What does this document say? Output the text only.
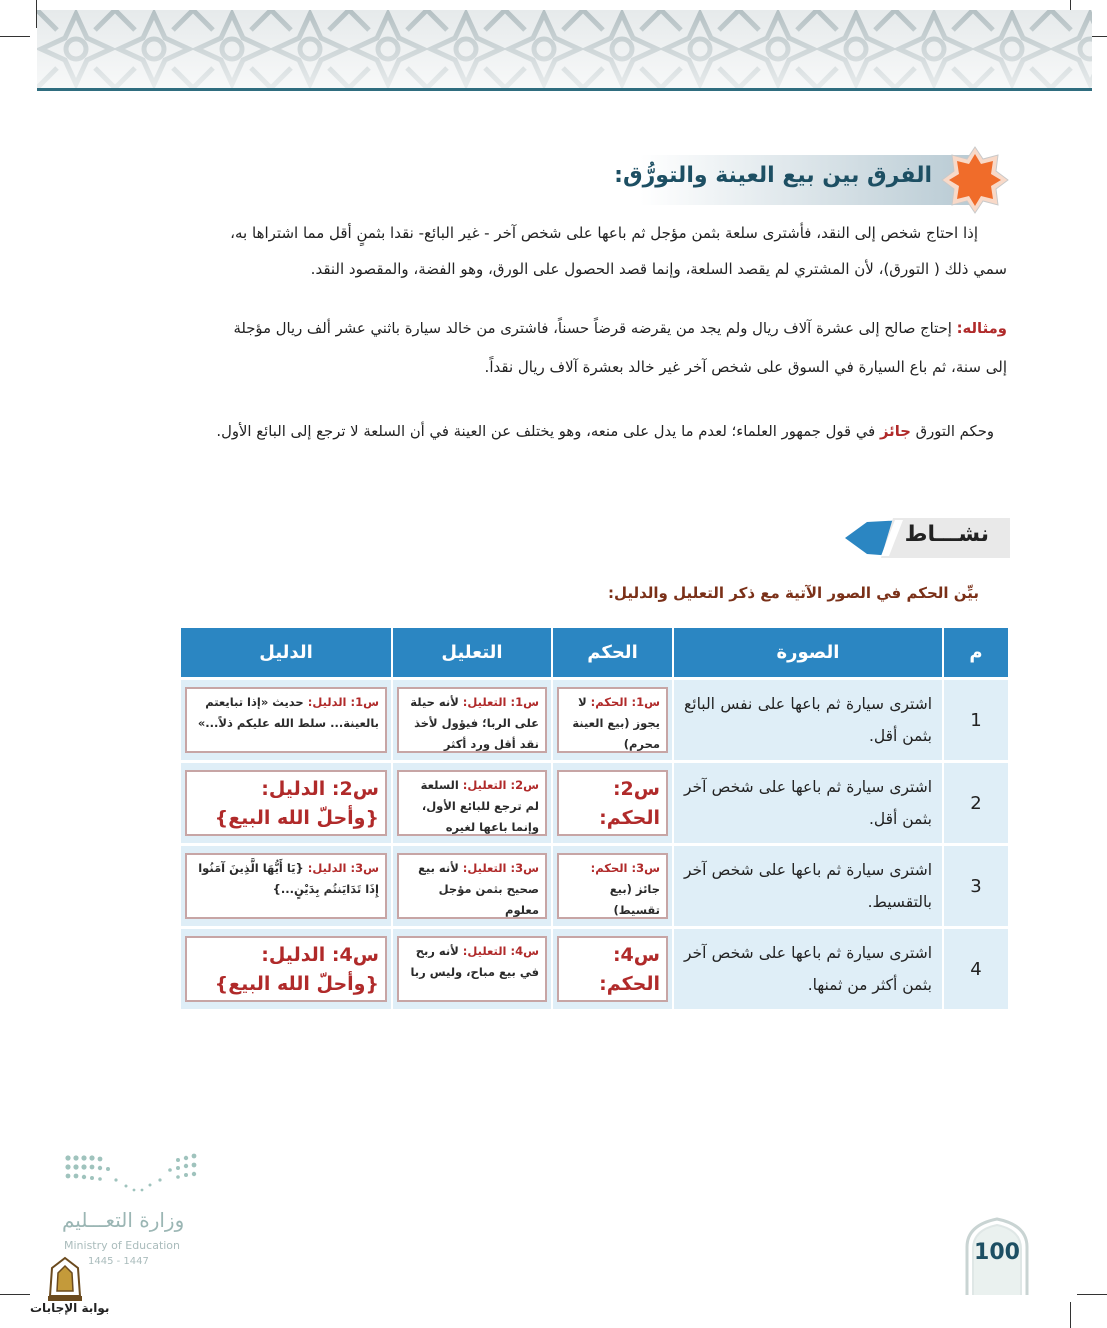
الفرق بين بيع العينة والتورُّق:
إذا احتاج شخص إلى النقد، فأشترى سلعة بثمن مؤجل ثم باعها على شخص آخر - غير البائع- نقدا بثمنٍ أقل مما اشتراها به،
سمي ذلك ( التورق)، لأن المشتري لم يقصد السلعة، وإنما قصد الحصول على الورق، وهو الفضة، والمقصود النقد.
ومثاله: إحتاج صالح إلى عشرة آلاف ريال ولم يجد من يقرضه قرضاً حسناً، فاشترى من خالد سيارة باثني عشر ألف ريال مؤجلة
إلى سنة، ثم باع السيارة في السوق على شخص آخر غير خالد بعشرة آلاف ريال نقداً.
وحكم التورق جائز في قول جمهور العلماء؛ لعدم ما يدل على منعه، وهو يختلف عن العينة في أن السلعة لا ترجع إلى البائع الأول.
نشـــاط
بيِّن الحكم في الصور الآتية مع ذكر التعليل والدليل:
م	الصورة	الحكم	التعليل	الدليل
1	اشترى سيارة ثم باعها على نفس البائع بثمن أقل.	س1: الحكم: لا يجوز (بيع العينة محرم)	س1: التعليل: لأنه حيلة على الربا؛ فيؤول لأخذ نقد أقل ورد أكثر	س1: الدليل: حديث «إذا تبايعتم بالعينة... سلط الله عليكم ذلاً...»

2	اشترى سيارة ثم باعها على شخص آخر بثمن أقل.	س2: الحكم:	س2: التعليل: السلعة لم ترجع للبائع الأول، وإنما باعها لغيره	س2: الدليل: {وأحلّ الله البيع}

3	اشترى سيارة ثم باعها على شخص آخر بالتقسيط.	س3: الحكم: جائز (بيع تقسيط)	س3: التعليل: لأنه بيع صحيح بثمن مؤجل معلوم	س3: الدليل: {يَا أَيُّهَا الَّذِينَ آمَنُوا إِذَا تَدَايَنتُم بِدَيْنٍ...}

4	اشترى سيارة ثم باعها على شخص آخر بثمن أكثر من ثمنها.	س4: الحكم:	س4: التعليل: لأنه ربح في بيع مباح، وليس ربا	س4: الدليل: {وأحلّ الله البيع}
وزارة التعـــليم
Ministry of Education
1445 - 1447
بوابة الإجابات
100
